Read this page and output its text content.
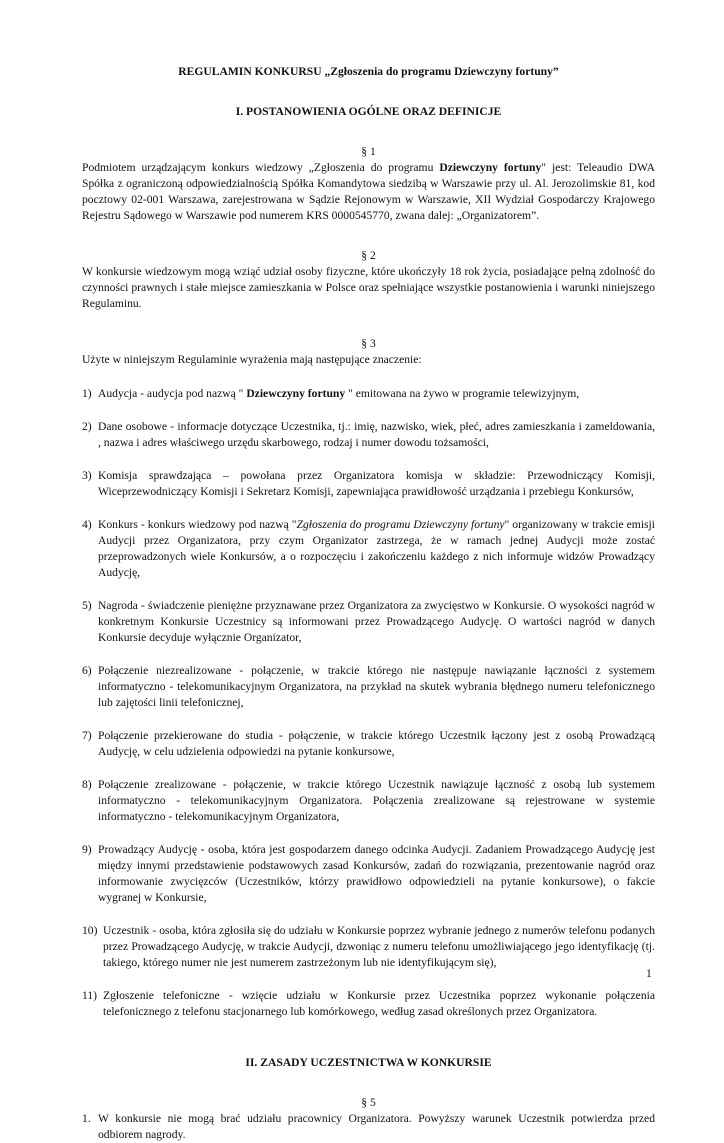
REGULAMIN KONKURSU „Zgłoszenia do programu Dziewczyny fortuny”

I. POSTANOWIENIA OGÓLNE ORAZ DEFINICJE

§ 1

Podmiotem urządzającym konkurs wiedzowy „Zgłoszenia do programu Dziewczyny fortuny" jest: Teleaudio DWA Spółka z ograniczoną odpowiedzialnością Spółka Komandytowa siedzibą w Warszawie przy ul. Al. Jerozolimskie 81, kod pocztowy 02-001 Warszawa, zarejestrowana w Sądzie Rejonowym w Warszawie, XII Wydział Gospodarczy Krajowego Rejestru Sądowego w Warszawie pod numerem KRS 0000545770, zwana dalej: „Organizatorem”.

§ 2

W konkursie wiedzowym mogą wziąć udział osoby fizyczne, które ukończyły 18 rok życia, posiadające pełną zdolność do czynności prawnych i stałe miejsce zamieszkania w Polsce oraz spełniające wszystkie postanowienia i warunki niniejszego Regulaminu.

§ 3

Użyte w niniejszym Regulaminie wyrażenia mają następujące znaczenie:

1) Audycja - audycja pod nazwą " Dziewczyny fortuny " emitowana na żywo w programie telewizyjnym,
2) Dane osobowe - informacje dotyczące Uczestnika, tj.: imię, nazwisko, wiek, płeć, adres zamieszkania i zameldowania, , nazwa i adres właściwego urzędu skarbowego, rodzaj i numer dowodu tożsamości,
3) Komisja sprawdzająca – powołana przez Organizatora komisja w składzie: Przewodniczący Komisji, Wiceprzewodniczący Komisji i Sekretarz Komisji, zapewniająca prawidłowość urządzania i przebiegu Konkursów,
4) Konkurs - konkurs wiedzowy pod nazwą "Zgłoszenia do programu Dziewczyny fortuny" organizowany w trakcie emisji Audycji przez Organizatora, przy czym Organizator zastrzega, że w ramach jednej Audycji może zostać przeprowadzonych wiele Konkursów, a o rozpoczęciu i zakończeniu każdego z nich informuje widzów Prowadzący Audycję,
5) Nagroda - świadczenie pieniężne przyznawane przez Organizatora za zwycięstwo w Konkursie. O wysokości nagród w konkretnym Konkursie Uczestnicy są informowani przez Prowadzącego Audycję. O wartości nagród w danych Konkursie decyduje wyłącznie Organizator,
6) Połączenie niezrealizowane - połączenie, w trakcie którego nie następuje nawiązanie łączności z systemem informatyczno - telekomunikacyjnym Organizatora, na przykład na skutek wybrania błędnego numeru telefonicznego lub zajętości linii telefonicznej,
7) Połączenie przekierowane do studia - połączenie, w trakcie którego Uczestnik łączony jest z osobą Prowadzącą Audycję, w celu udzielenia odpowiedzi na pytanie konkursowe,
8) Połączenie zrealizowane - połączenie, w trakcie którego Uczestnik nawiązuje łączność z osobą lub systemem informatyczno - telekomunikacyjnym Organizatora. Połączenia zrealizowane są rejestrowane w systemie informatyczno - telekomunikacyjnym Organizatora,
9) Prowadzący Audycję - osoba, która jest gospodarzem danego odcinka Audycji. Zadaniem Prowadzącego Audycję jest między innymi przedstawienie podstawowych zasad Konkursów, zadań do rozwiązania, prezentowanie nagród oraz informowanie zwycięzców (Uczestników, którzy prawidłowo odpowiedzieli na pytanie konkursowe), o fakcie wygranej w Konkursie,
10) Uczestnik - osoba, która zgłosiła się do udziału w Konkursie poprzez wybranie jednego z numerów telefonu podanych przez Prowadzącego Audycję, w trakcie Audycji, dzwoniąc z numeru telefonu umożliwiającego jego identyfikację (tj. takiego, którego numer nie jest numerem zastrzeżonym lub nie identyfikującym się),
11) Zgłoszenie telefoniczne - wzięcie udziału w Konkursie przez Uczestnika poprzez wykonanie połączenia telefonicznego z telefonu stacjonarnego lub komórkowego, według zasad określonych przez Organizatora.

II. ZASADY UCZESTNICTWA W KONKURSIE

§ 5

1. W konkursie nie mogą brać udziału pracownicy Organizatora. Powyższy warunek Uczestnik potwierdza przed odbiorem nagrody.
1
